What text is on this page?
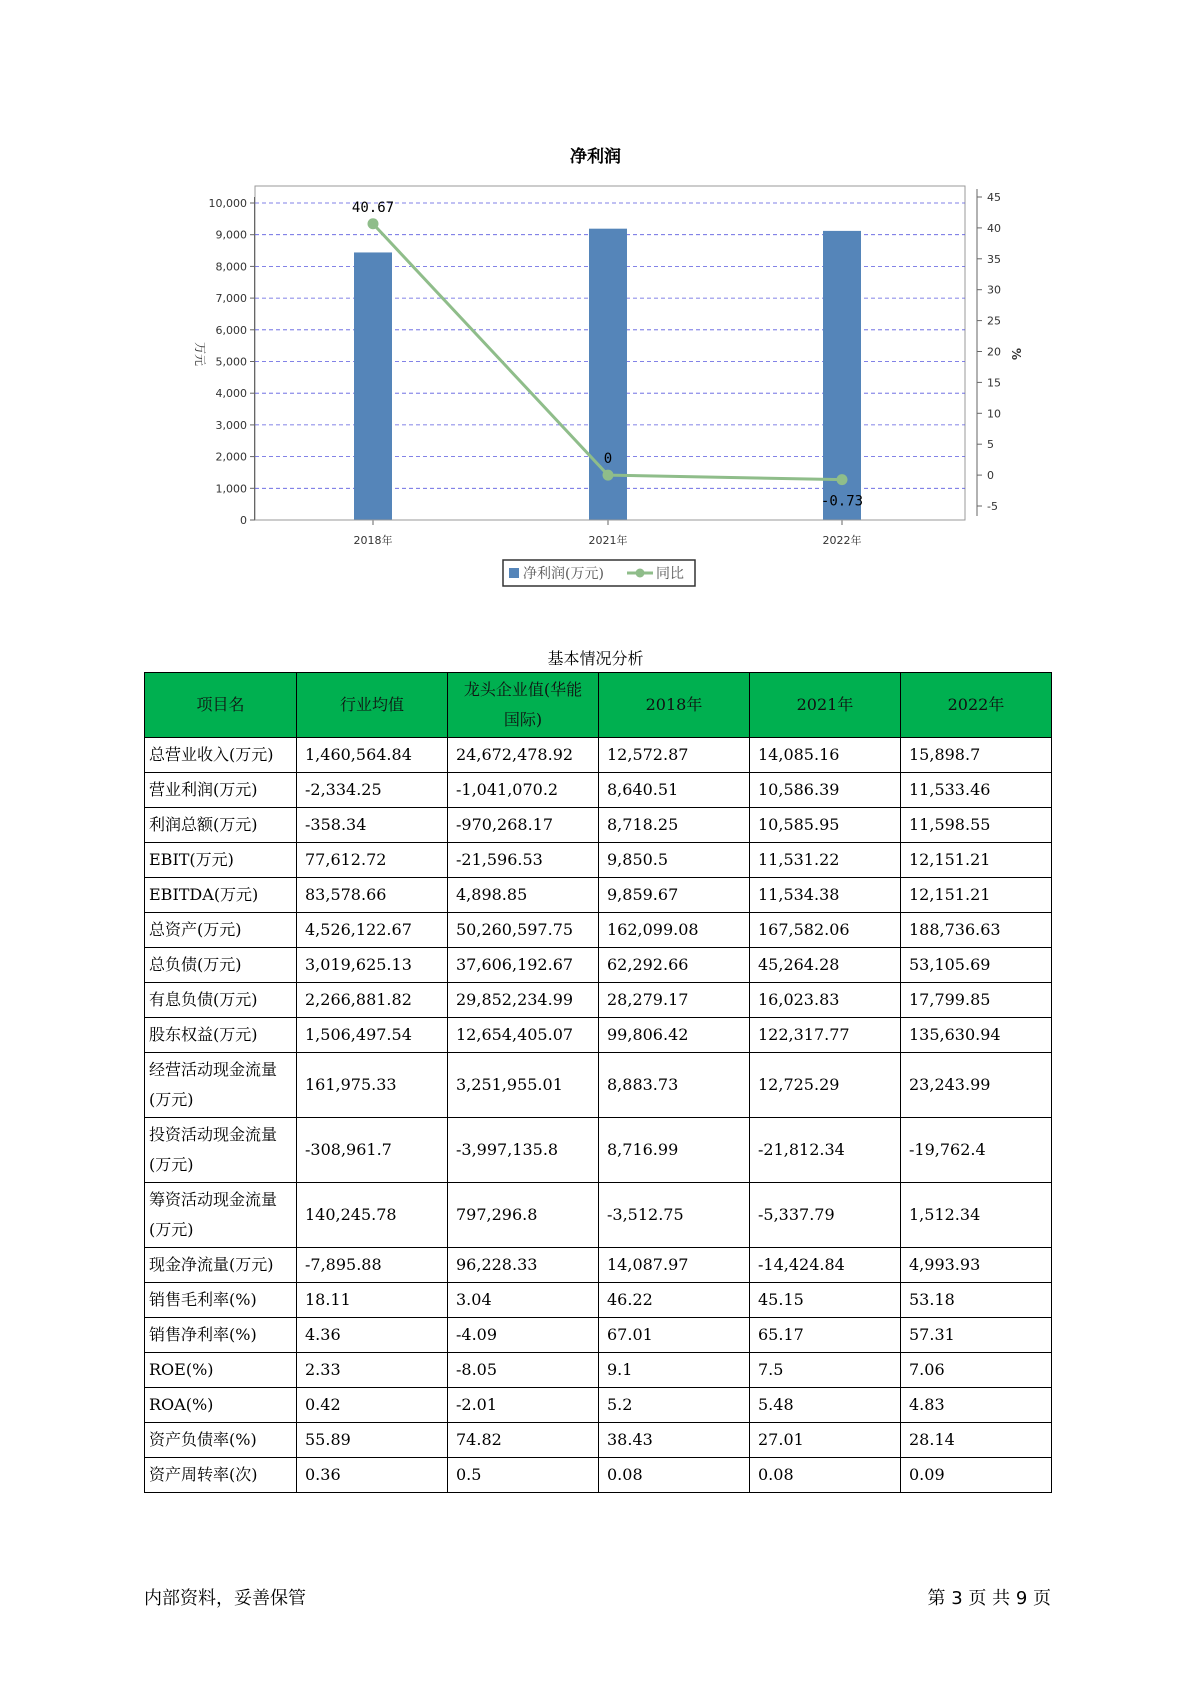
净利润
0
1,000
2,000
3,000
4,000
5,000
6,000
7,000
8,000
9,000
10,000
-5
0
5
10
15
20
25
30
35
40
45
万元	%
2018年	2021年	2022年
40.67
0
-0.73
净利润(万元)	同比
基本情况分析
项目名	行业均值	龙头企业值(华能国际)	2018年	2021年	2022年
总营业收入(万元)	1,460,564.84	24,672,478.92	12,572.87	14,085.16	15,898.7
营业利润(万元)	-2,334.25	-1,041,070.2	8,640.51	10,586.39	11,533.46
利润总额(万元)	-358.34	-970,268.17	8,718.25	10,585.95	11,598.55
EBIT(万元)	77,612.72	-21,596.53	9,850.5	11,531.22	12,151.21
EBITDA(万元)	83,578.66	4,898.85	9,859.67	11,534.38	12,151.21
总资产(万元)	4,526,122.67	50,260,597.75	162,099.08	167,582.06	188,736.63
总负债(万元)	3,019,625.13	37,606,192.67	62,292.66	45,264.28	53,105.69
有息负债(万元)	2,266,881.82	29,852,234.99	28,279.17	16,023.83	17,799.85
股东权益(万元)	1,506,497.54	12,654,405.07	99,806.42	122,317.77	135,630.94
经营活动现金流量(万元)	161,975.33	3,251,955.01	8,883.73	12,725.29	23,243.99
投资活动现金流量(万元)	-308,961.7	-3,997,135.8	8,716.99	-21,812.34	-19,762.4
筹资活动现金流量(万元)	140,245.78	797,296.8	-3,512.75	-5,337.79	1,512.34
现金净流量(万元)	-7,895.88	96,228.33	14,087.97	-14,424.84	4,993.93
销售毛利率(%)	18.11	3.04	46.22	45.15	53.18
销售净利率(%)	4.36	-4.09	67.01	65.17	57.31
ROE(%)	2.33	-8.05	9.1	7.5	7.06
ROA(%)	0.42	-2.01	5.2	5.48	4.83
资产负债率(%)	55.89	74.82	38.43	27.01	28.14
资产周转率(次)	0.36	0.5	0.08	0.08	0.09
内部资料，妥善保管	第 3 页 共 9 页
